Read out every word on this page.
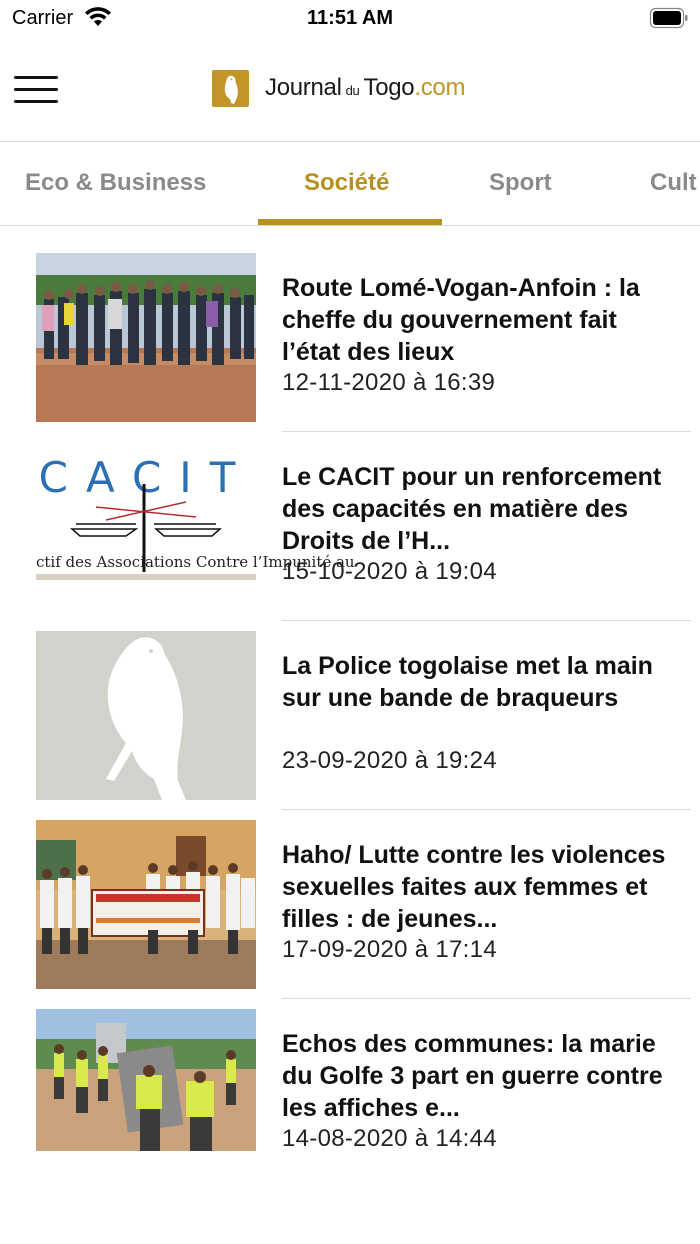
Carrier	11:51 AM
Journal du Togo.com
Eco & Business	Société	Sport	Cult
Route Lomé-Vogan-Anfoin : la cheffe du gouvernement fait l’état des lieux
12-11-2020 à 16:39
CACIT
ctif des Associations Contre l’Impunité au
Le CACIT pour un renforcement des capacités en matière des Droits de l’H...
15-10-2020 à 19:04
La Police togolaise met la main sur une bande de braqueurs
23-09-2020 à 19:24
Haho/ Lutte contre les violences sexuelles faites aux femmes et filles : de jeunes...
17-09-2020 à 17:14
Echos des communes: la marie du Golfe 3 part en guerre contre les affiches e...
14-08-2020 à 14:44
